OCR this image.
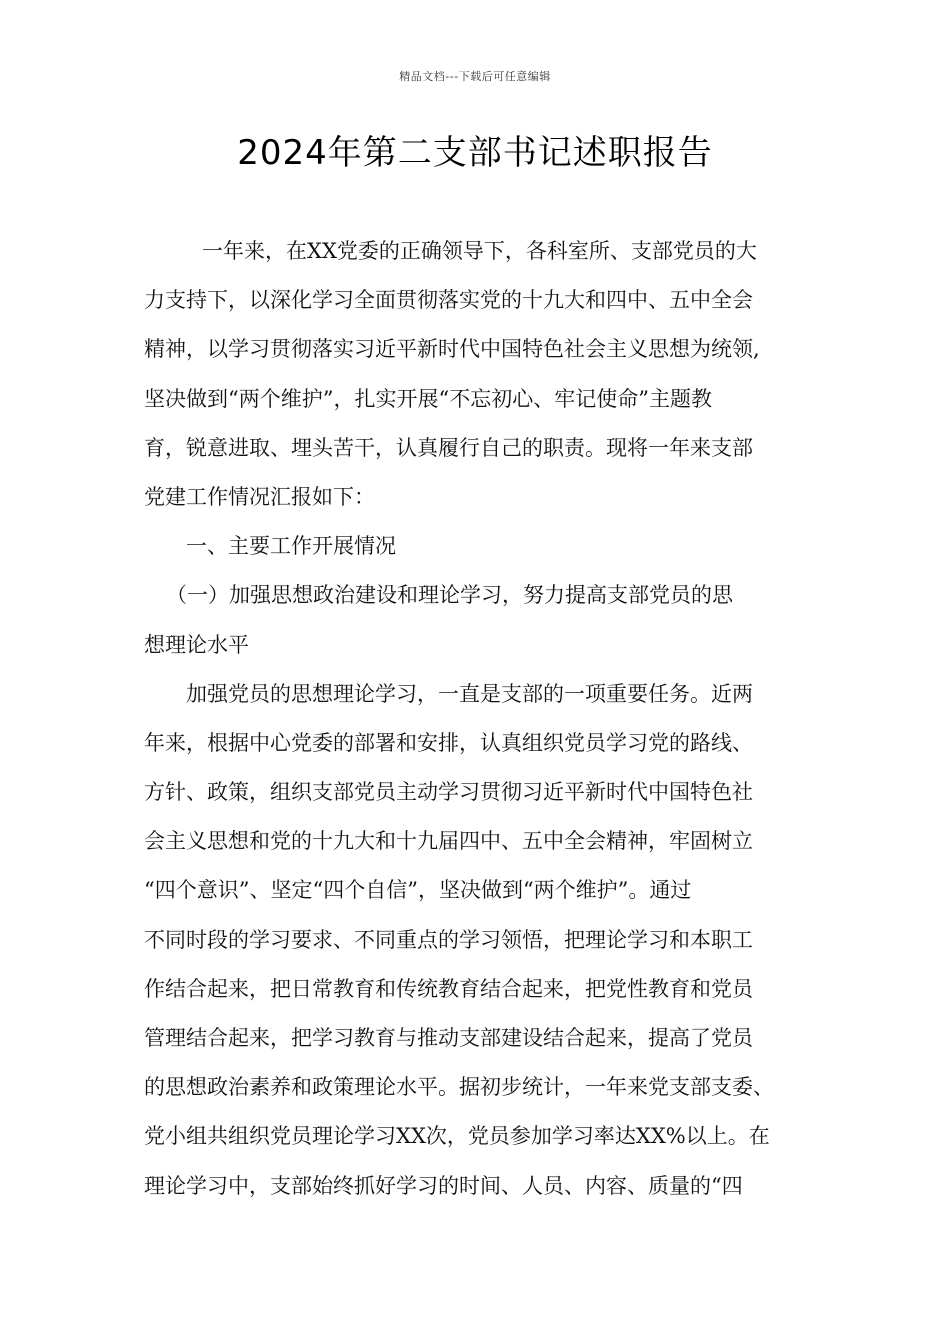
精品文档---下载后可任意编辑
2024年第二支部书记述职报告
一年来，在XX党委的正确领导下，各科室所、支部党员的大
力支持下，以深化学习全面贯彻落实党的十九大和四中、五中全会
精神，以学习贯彻落实习近平新时代中国特色社会主义思想为统领,
坚决做到“两个维护”，扎实开展“不忘初心、牢记使命”主题教
育，锐意进取、埋头苦干，认真履行自己的职责。现将一年来支部
党建工作情况汇报如下：
一、主要工作开展情况
（一）加强思想政治建设和理论学习，努力提高支部党员的思
想理论水平
加强党员的思想理论学习，一直是支部的一项重要任务。近两
年来，根据中心党委的部署和安排，认真组织党员学习党的路线、
方针、政策，组织支部党员主动学习贯彻习近平新时代中国特色社
会主义思想和党的十九大和十九届四中、五中全会精神，牢固树立
“四个意识”、坚定“四个自信”，坚决做到“两个维护”。通过
不同时段的学习要求、不同重点的学习领悟，把理论学习和本职工
作结合起来，把日常教育和传统教育结合起来，把党性教育和党员
管理结合起来，把学习教育与推动支部建设结合起来，提高了党员
的思想政治素养和政策理论水平。据初步统计，一年来党支部支委、
党小组共组织党员理论学习XX次，党员参加学习率达XX%以上。在
理论学习中，支部始终抓好学习的时间、人员、内容、质量的“四
